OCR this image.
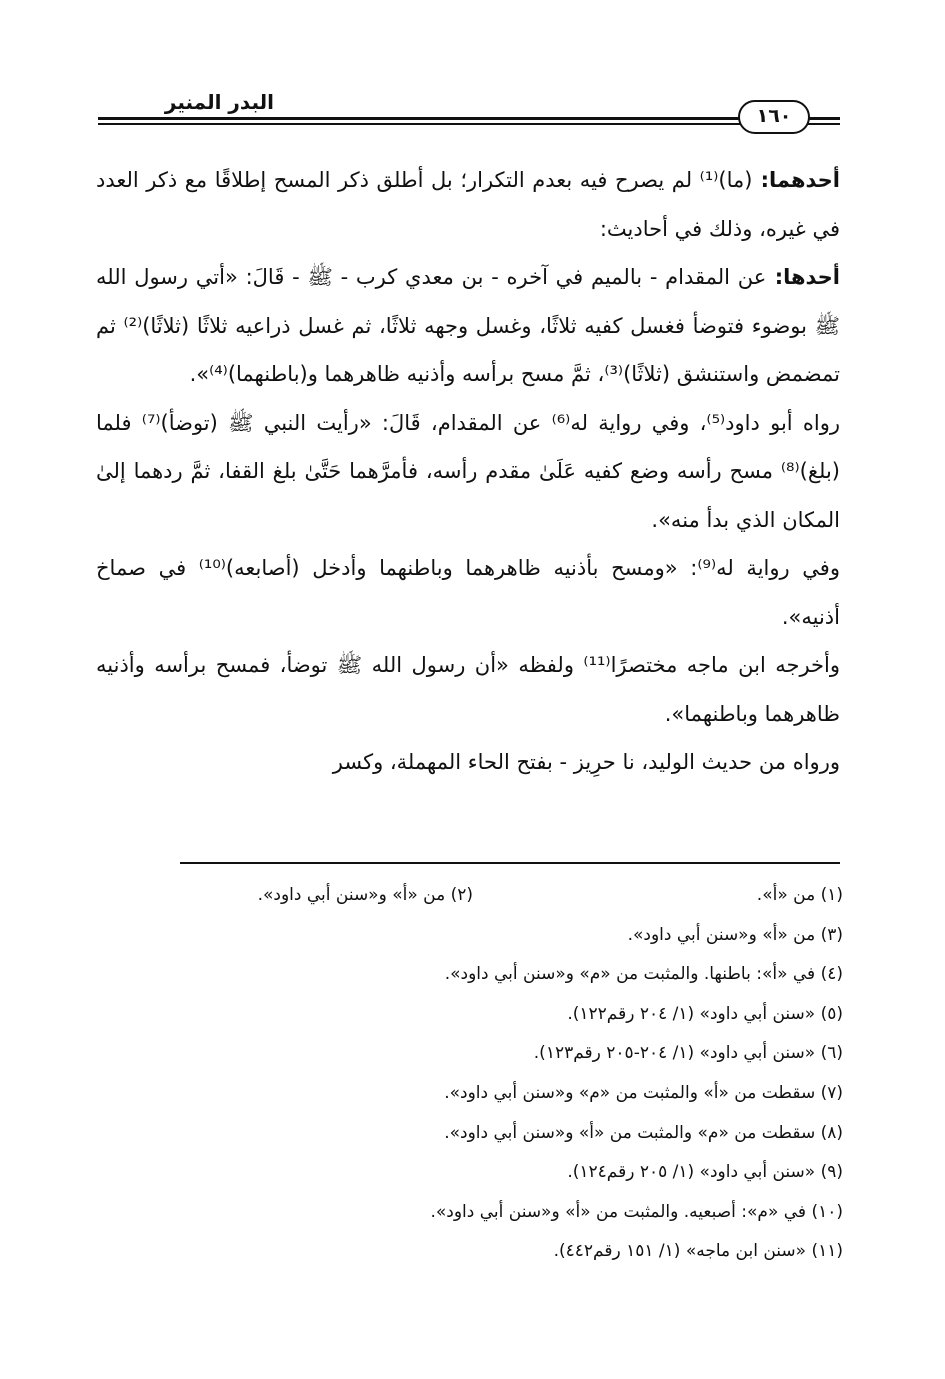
البدر المنير
١٦٠

أحدهما: (ما)⁽¹⁾ لم يصرح فيه بعدم التكرار؛ بل أطلق ذكر المسح إطلاقًا مع ذكر العدد في غيره، وذلك في أحاديث:

أحدها: عن المقدام - بالميم في آخره - بن معدي كرب - ﷺ - قَالَ: «أتي رسول الله ﷺ بوضوء فتوضأ فغسل كفيه ثلاثًا، وغسل وجهه ثلاثًا، ثم غسل ذراعيه ثلاثًا (ثلاثًا)⁽²⁾ ثم تمضمض واستنشق (ثلاثًا)⁽³⁾، ثمَّ مسح برأسه وأذنيه ظاهرهما و(باطنهما)⁽⁴⁾».

رواه أبو داود⁽⁵⁾، وفي رواية له⁽⁶⁾ عن المقدام، قَالَ: «رأيت النبي ﷺ (توضأ)⁽⁷⁾ فلما (بلغ)⁽⁸⁾ مسح رأسه وضع كفيه عَلَىٰ مقدم رأسه، فأمرَّهما حَتَّىٰ بلغ القفا، ثمَّ ردهما إلىٰ المكان الذي بدأ منه».

وفي رواية له⁽⁹⁾: «ومسح بأذنيه ظاهرهما وباطنهما وأدخل (أصابعه)⁽¹⁰⁾ في صماخ أذنيه».

وأخرجه ابن ماجه مختصرًا⁽¹¹⁾ ولفظه «أن رسول الله ﷺ توضأ، فمسح برأسه وأذنيه ظاهرهما وباطنهما».

ورواه من حديث الوليد، نا حرِيز - بفتح الحاء المهملة، وكسر

(١) من «أ».(٢) من «أ» و«سنن أبي داود».
(٣) من «أ» و«سنن أبي داود».
(٤) في «أ»: باطنها. والمثبت من «م» و«سنن أبي داود».
(٥) «سنن أبي داود» (١/ ٢٠٤ رقم١٢٢).
(٦) «سنن أبي داود» (١/ ٢٠٤-٢٠٥ رقم١٢٣).
(٧) سقطت من «أ» والمثبت من «م» و«سنن أبي داود».
(٨) سقطت من «م» والمثبت من «أ» و«سنن أبي داود».
(٩) «سنن أبي داود» (١/ ٢٠٥ رقم١٢٤).
(١٠) في «م»: أصبعيه. والمثبت من «أ» و«سنن أبي داود».
(١١) «سنن ابن ماجه» (١/ ١٥١ رقم٤٤٢).
